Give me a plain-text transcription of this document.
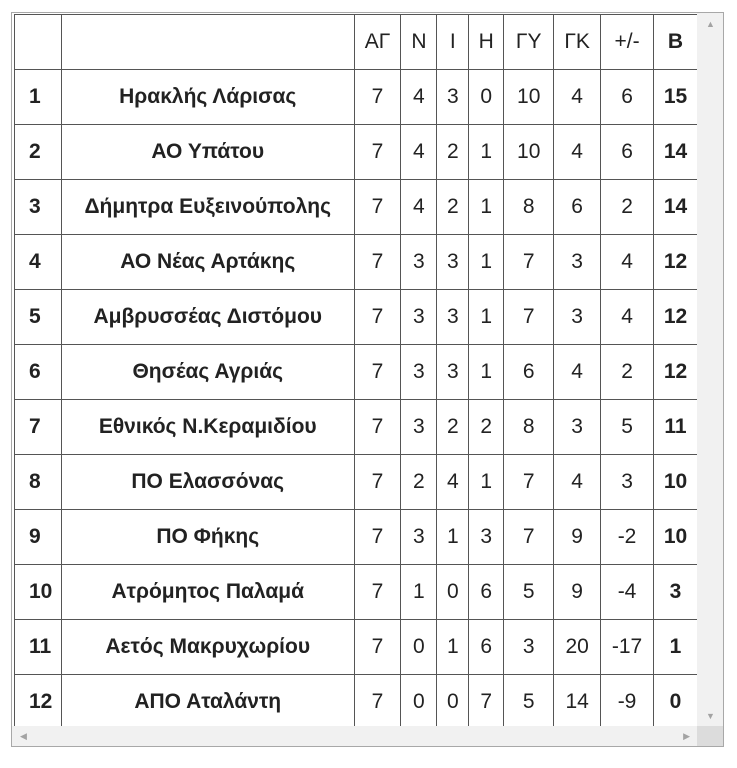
		ΑΓ	Ν	Ι	Η	ΓΥ	ΓΚ	+/-	Β
1	Ηρακλής Λάρισας	7	4	3	0	10	4	6	15
2	ΑΟ Υπάτου	7	4	2	1	10	4	6	14
3	Δήμητρα Ευξεινούπολης	7	4	2	1	8	6	2	14
4	ΑΟ Νέας Αρτάκης	7	3	3	1	7	3	4	12
5	Αμβρυσσέας Διστόμου	7	3	3	1	7	3	4	12
6	Θησέας Αγριάς	7	3	3	1	6	4	2	12
7	Εθνικός Ν.Κεραμιδίου	7	3	2	2	8	3	5	11
8	ΠΟ Ελασσόνας	7	2	4	1	7	4	3	10
9	ΠΟ Φήκης	7	3	1	3	7	9	-2	10
10	Ατρόμητος Παλαμά	7	1	0	6	5	9	-4	3
11	Αετός Μακρυχωρίου	7	0	1	6	3	20	-17	1
12	ΑΠΟ Αταλάντη	7	0	0	7	5	14	-9	0
▲
▼
◀	▶
